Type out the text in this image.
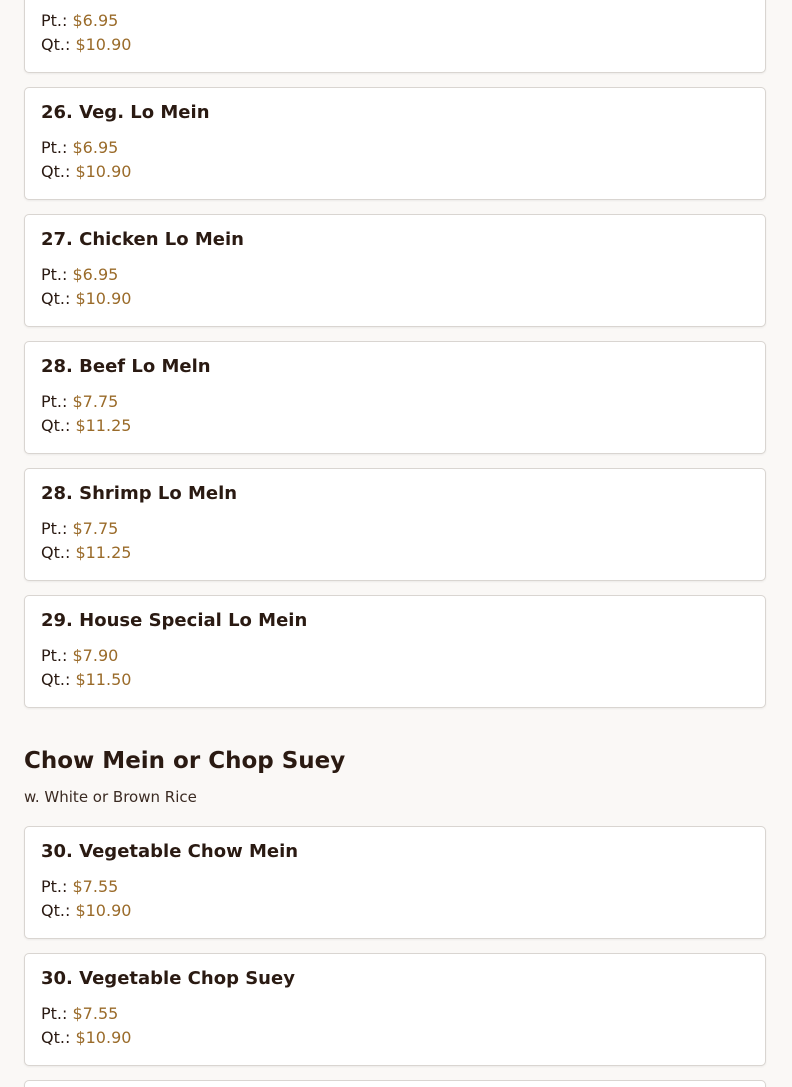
Pt.: $6.95
Qt.: $10.90
26. Veg. Lo Mein
Pt.: $6.95
Qt.: $10.90
27. Chicken Lo Mein
Pt.: $6.95
Qt.: $10.90
28. Beef Lo Meln
Pt.: $7.75
Qt.: $11.25
28. Shrimp Lo Meln
Pt.: $7.75
Qt.: $11.25
29. House Special Lo Mein
Pt.: $7.90
Qt.: $11.50
Chow Mein or Chop Suey
w. White or Brown Rice
30. Vegetable Chow Mein
Pt.: $7.55
Qt.: $10.90
30. Vegetable Chop Suey
Pt.: $7.55
Qt.: $10.90
